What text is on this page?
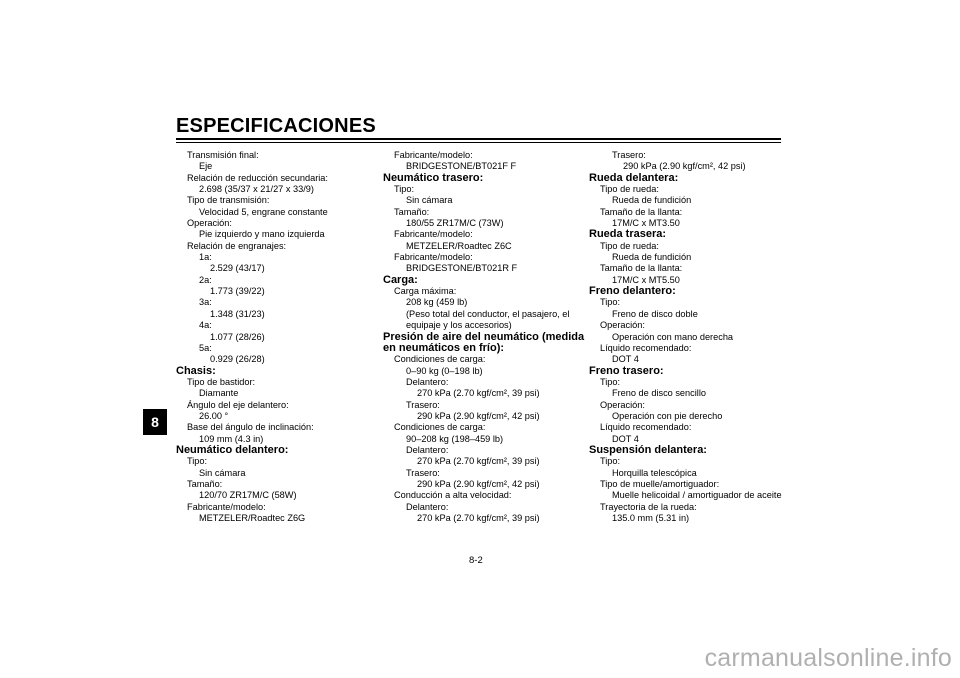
ESPECIFICACIONES
8
Transmisión final:
Eje
Relación de reducción secundaria:
2.698 (35/37 x 21/27 x 33/9)
Tipo de transmisión:
Velocidad 5, engrane constante
Operación:
Pie izquierdo y mano izquierda
Relación de engranajes:
1a:
2.529 (43/17)
2a:
1.773 (39/22)
3a:
1.348 (31/23)
4a:
1.077 (28/26)
5a:
0.929 (26/28)
Chasis:
Tipo de bastidor:
Diamante
Ángulo del eje delantero:
26.00 °
Base del ángulo de inclinación:
109 mm (4.3 in)
Neumático delantero:
Tipo:
Sin cámara
Tamaño:
120/70 ZR17M/C (58W)
Fabricante/modelo:
METZELER/Roadtec Z6G
Fabricante/modelo:
BRIDGESTONE/BT021F F
Neumático trasero:
Tipo:
Sin cámara
Tamaño:
180/55 ZR17M/C (73W)
Fabricante/modelo:
METZELER/Roadtec Z6C
Fabricante/modelo:
BRIDGESTONE/BT021R F
Carga:
Carga máxima:
208 kg (459 lb)
(Peso total del conductor, el pasajero, el
equipaje y los accesorios)
Presión de aire del neumático (medida
en neumáticos en frío):
Condiciones de carga:
0–90 kg (0–198 lb)
Delantero:
270 kPa (2.70 kgf/cm², 39 psi)
Trasero:
290 kPa (2.90 kgf/cm², 42 psi)
Condiciones de carga:
90–208 kg (198–459 lb)
Delantero:
270 kPa (2.70 kgf/cm², 39 psi)
Trasero:
290 kPa (2.90 kgf/cm², 42 psi)
Conducción a alta velocidad:
Delantero:
270 kPa (2.70 kgf/cm², 39 psi)
Trasero:
290 kPa (2.90 kgf/cm², 42 psi)
Rueda delantera:
Tipo de rueda:
Rueda de fundición
Tamaño de la llanta:
17M/C x MT3.50
Rueda trasera:
Tipo de rueda:
Rueda de fundición
Tamaño de la llanta:
17M/C x MT5.50
Freno delantero:
Tipo:
Freno de disco doble
Operación:
Operación con mano derecha
Líquido recomendado:
DOT 4
Freno trasero:
Tipo:
Freno de disco sencillo
Operación:
Operación con pie derecho
Líquido recomendado:
DOT 4
Suspensión delantera:
Tipo:
Horquilla telescópica
Tipo de muelle/amortiguador:
Muelle helicoidal / amortiguador de aceite
Trayectoria de la rueda:
135.0 mm (5.31 in)
8-2
carmanualsonline.info
